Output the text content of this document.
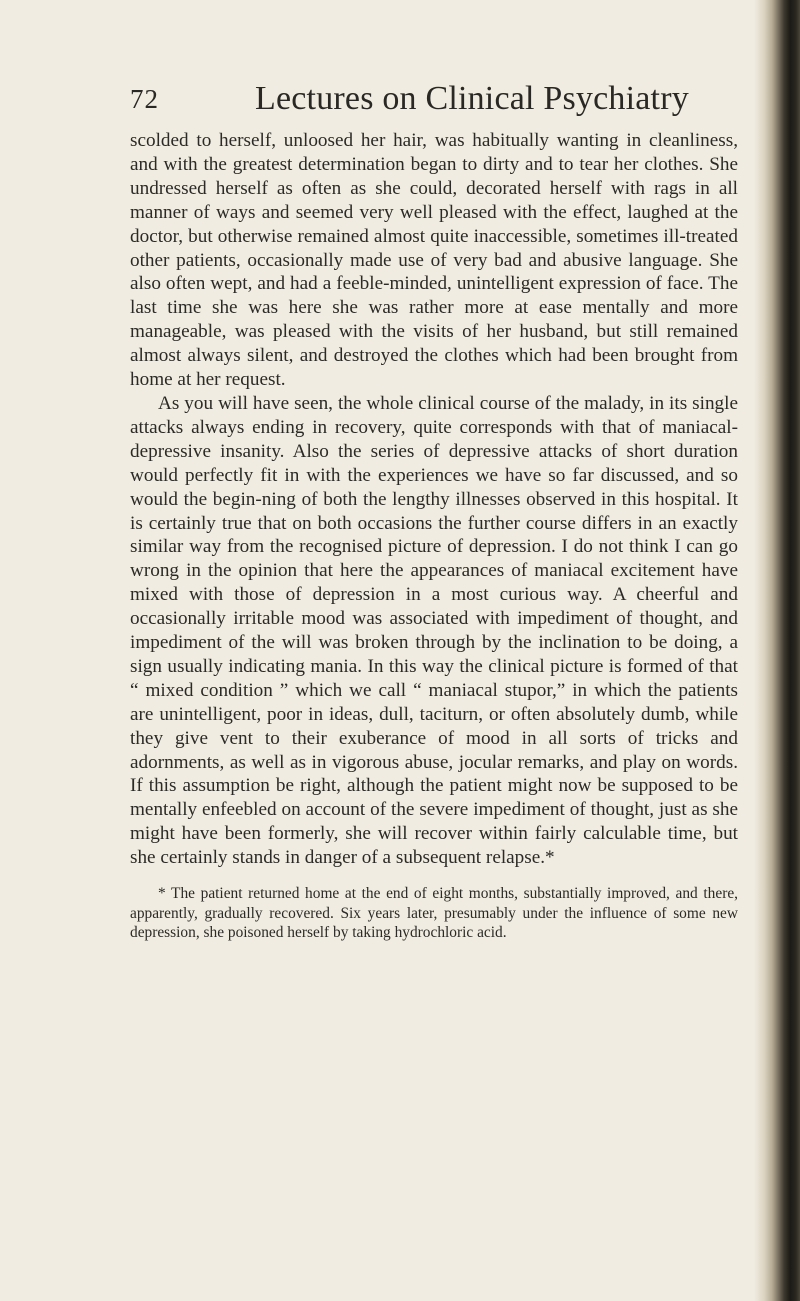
72	Lectures on Clinical Psychiatry

scolded to herself, unloosed her hair, was habitually wanting in cleanliness, and with the greatest determination began to dirty and to tear her clothes. She undressed herself as often as she could, decorated herself with rags in all manner of ways and seemed very well pleased with the effect, laughed at the doctor, but otherwise remained almost quite inaccessible, sometimes ill-treated other patients, occasionally made use of very bad and abusive language. She also often wept, and had a feeble-minded, unintelligent expression of face. The last time she was here she was rather more at ease mentally and more manageable, was pleased with the visits of her husband, but still remained almost always silent, and destroyed the clothes which had been brought from home at her request.

As you will have seen, the whole clinical course of the malady, in its single attacks always ending in recovery, quite corresponds with that of maniacal-depressive insanity. Also the series of depressive attacks of short duration would perfectly fit in with the experiences we have so far discussed, and so would the begin-ning of both the lengthy illnesses observed in this hospital. It is certainly true that on both occasions the further course differs in an exactly similar way from the recognised picture of depression. I do not think I can go wrong in the opinion that here the appearances of maniacal excitement have mixed with those of depression in a most curious way. A cheerful and occasionally irritable mood was associated with impediment of thought, and impediment of the will was broken through by the inclination to be doing, a sign usually indicating mania. In this way the clinical picture is formed of that “ mixed condition ” which we call “ maniacal stupor,” in which the patients are unintelligent, poor in ideas, dull, taciturn, or often absolutely dumb, while they give vent to their exuberance of mood in all sorts of tricks and adornments, as well as in vigorous abuse, jocular remarks, and play on words. If this assumption be right, although the patient might now be supposed to be mentally enfeebled on account of the severe impediment of thought, just as she might have been formerly, she will recover within fairly calculable time, but she certainly stands in danger of a subsequent relapse.*

* The patient returned home at the end of eight months, substantially improved, and there, apparently, gradually recovered. Six years later, presumably under the influence of some new depression, she poisoned herself by taking hydrochloric acid.
